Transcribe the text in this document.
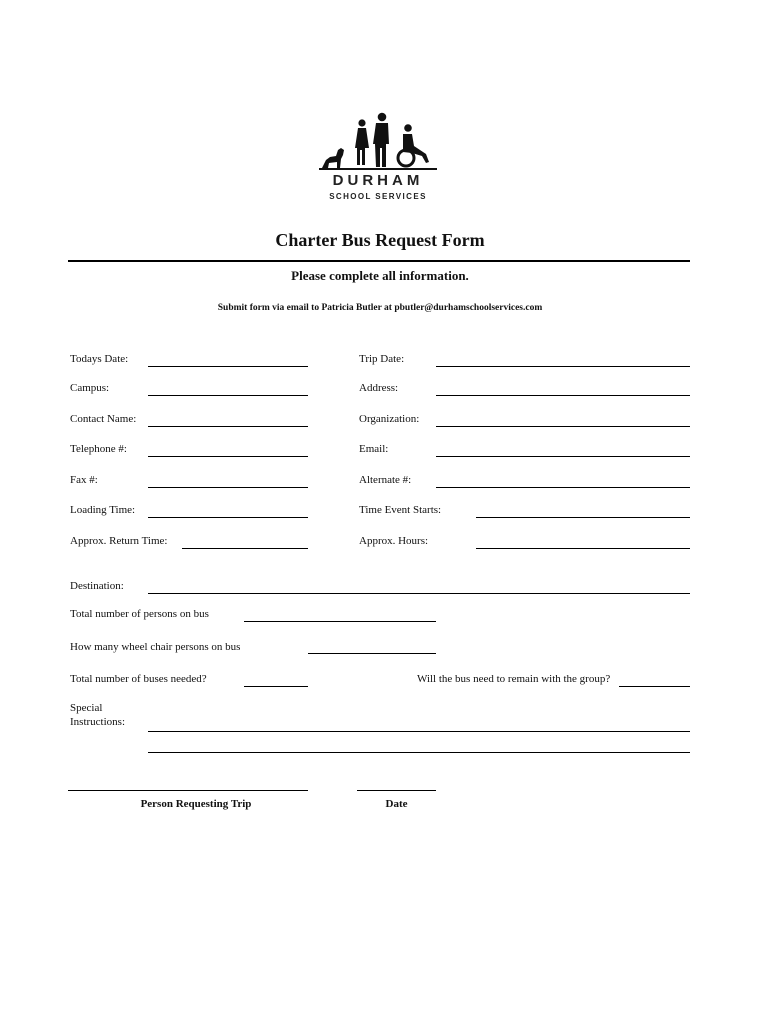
DURHAM
SCHOOL SERVICES
Charter Bus Request Form
Please complete all information.
Submit form via email to Patricia Butler at pbutler@durhamschoolservices.com
Todays Date:	Trip Date:
Campus:	Address:
Contact Name:	Organization:
Telephone #:	Email:
Fax #:	Alternate #:
Loading Time:	Time Event Starts:
Approx. Return Time:	Approx. Hours:
Destination:
Total number of persons on bus
How many wheel chair persons on bus
Total number of buses needed?	Will the bus need to remain with the group?
Special
Instructions:
Person Requesting Trip	Date
